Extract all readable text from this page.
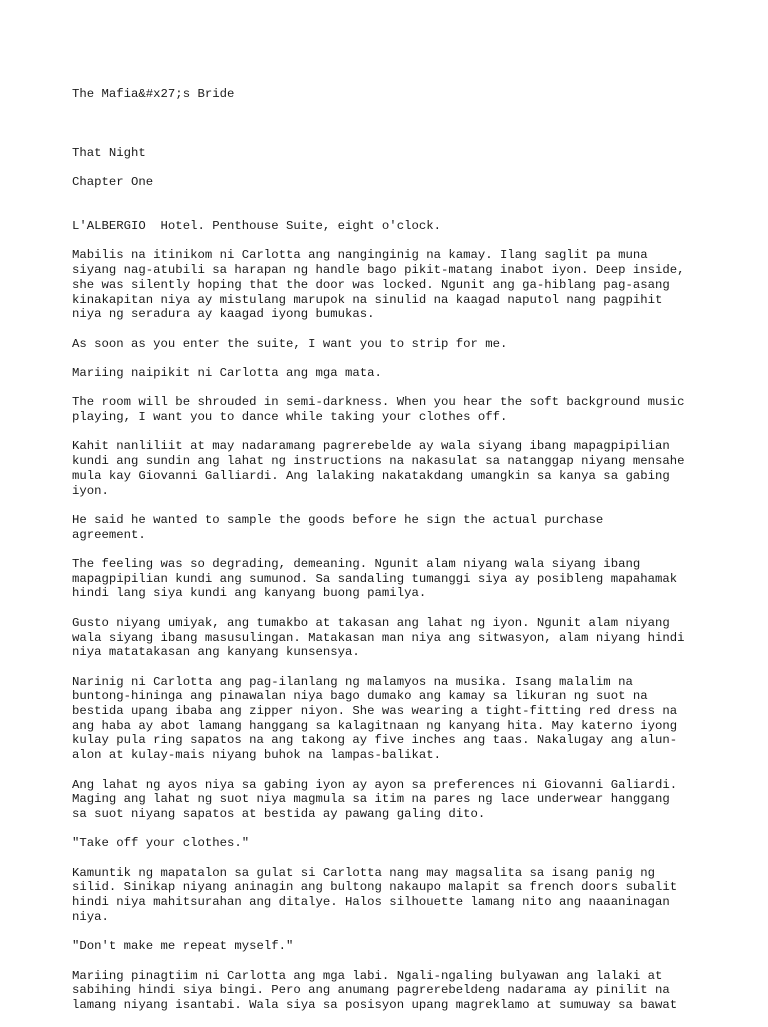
The Mafia&#x27;s Bride

That Night

Chapter One

L'ALBERGIO  Hotel. Penthouse Suite, eight o'clock.

Mabilis na itinikom ni Carlotta ang nanginginig na kamay. Ilang saglit pa muna
siyang nag-atubili sa harapan ng handle bago pikit-matang inabot iyon. Deep inside,
she was silently hoping that the door was locked. Ngunit ang ga-hiblang pag-asang
kinakapitan niya ay mistulang marupok na sinulid na kaagad naputol nang pagpihit
niya ng seradura ay kaagad iyong bumukas.

As soon as you enter the suite, I want you to strip for me.

Mariing naipikit ni Carlotta ang mga mata.

The room will be shrouded in semi-darkness. When you hear the soft background music
playing, I want you to dance while taking your clothes off.

Kahit nanliliit at may nadaramang pagrerebelde ay wala siyang ibang mapagpipilian
kundi ang sundin ang lahat ng instructions na nakasulat sa natanggap niyang mensahe
mula kay Giovanni Galliardi. Ang lalaking nakatakdang umangkin sa kanya sa gabing
iyon.

He said he wanted to sample the goods before he sign the actual purchase
agreement.

The feeling was so degrading, demeaning. Ngunit alam niyang wala siyang ibang
mapagpipilian kundi ang sumunod. Sa sandaling tumanggi siya ay posibleng mapahamak
hindi lang siya kundi ang kanyang buong pamilya.

Gusto niyang umiyak, ang tumakbo at takasan ang lahat ng iyon. Ngunit alam niyang
wala siyang ibang masusulingan. Matakasan man niya ang sitwasyon, alam niyang hindi
niya matatakasan ang kanyang kunsensya.

Narinig ni Carlotta ang pag-ilanlang ng malamyos na musika. Isang malalim na
buntong-hininga ang pinawalan niya bago dumako ang kamay sa likuran ng suot na
bestida upang ibaba ang zipper niyon. She was wearing a tight-fitting red dress na
ang haba ay abot lamang hanggang sa kalagitnaan ng kanyang hita. May katerno iyong
kulay pula ring sapatos na ang takong ay five inches ang taas. Nakalugay ang alun-
alon at kulay-mais niyang buhok na lampas-balikat.

Ang lahat ng ayos niya sa gabing iyon ay ayon sa preferences ni Giovanni Galiardi.
Maging ang lahat ng suot niya magmula sa itim na pares ng lace underwear hanggang
sa suot niyang sapatos at bestida ay pawang galing dito.

"Take off your clothes."

Kamuntik ng mapatalon sa gulat si Carlotta nang may magsalita sa isang panig ng
silid. Sinikap niyang aninagin ang bultong nakaupo malapit sa french doors subalit
hindi niya mahitsurahan ang ditalye. Halos silhouette lamang nito ang naaaninagan
niya.

"Don't make me repeat myself."

Mariing pinagtiim ni Carlotta ang mga labi. Ngali-ngaling bulyawan ang lalaki at
sabihing hindi siya bingi. Pero ang anumang pagrerebeldeng nadarama ay pinilit na
lamang niyang isantabi. Wala siya sa posisyon upang magreklamo at sumuway sa bawat
